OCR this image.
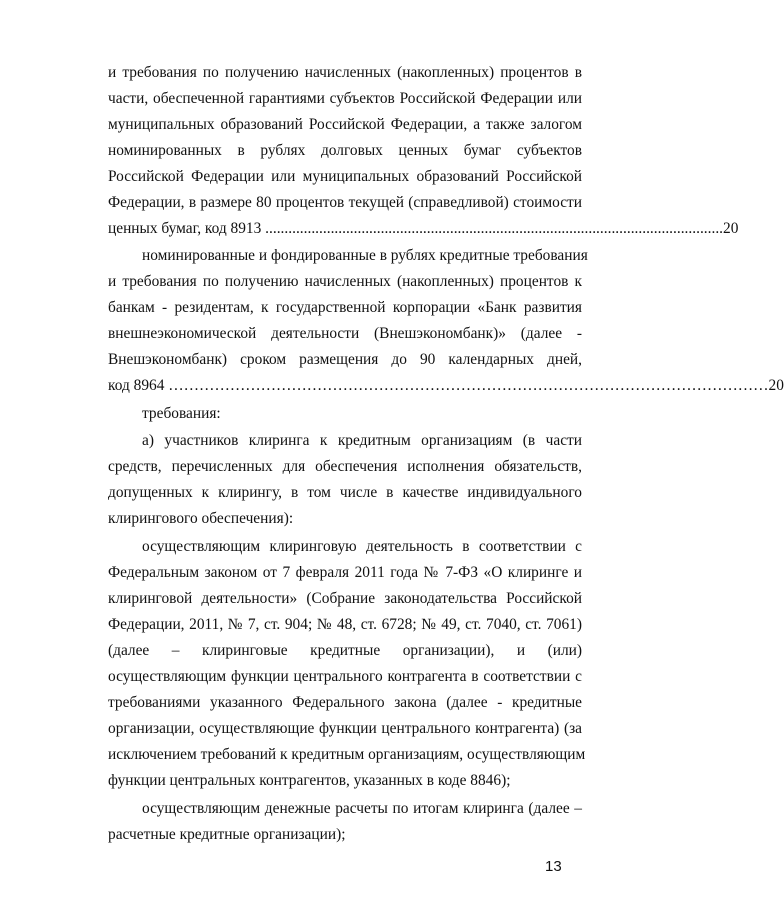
и требования по получению начисленных (накопленных) процентов в
части, обеспеченной гарантиями субъектов Российской Федерации или
муниципальных образований Российской Федерации, а также залогом
номинированных в рублях долговых ценных бумаг субъектов
Российской Федерации или муниципальных образований Российской
Федерации, в размере 80 процентов текущей (справедливой) стоимости
ценных бумаг, код 8913 ....................................................................................................................... 20
номинированные и фондированные в рублях кредитные требования
и требования по получению начисленных (накопленных) процентов к
банкам - резидентам, к государственной корпорации «Банк развития
внешнеэкономической деятельности (Внешэкономбанк)» (далее -
Внешэкономбанк) сроком размещения до 90 календарных дней,
код 8964 ……………………………………………………………………………………………………… 20
требования:
а) участников клиринга к кредитным организациям (в части
средств, перечисленных для обеспечения исполнения обязательств,
допущенных к клирингу, в том числе в качестве индивидуального
клирингового обеспечения):
осуществляющим клиринговую деятельность в соответствии с
Федеральным законом от 7 февраля 2011 года № 7-ФЗ «О клиринге и
клиринговой деятельности» (Собрание законодательства Российской
Федерации, 2011, № 7, ст. 904; № 48, ст. 6728; № 49, ст. 7040, ст. 7061)
(далее – клиринговые кредитные организации), и (или)
осуществляющим функции центрального контрагента в соответствии с
требованиями указанного Федерального закона (далее - кредитные
организации, осуществляющие функции центрального контрагента) (за
исключением требований к кредитным организациям, осуществляющим
функции центральных контрагентов, указанных в коде 8846);
осуществляющим денежные расчеты по итогам клиринга (далее –
расчетные кредитные организации);
13
